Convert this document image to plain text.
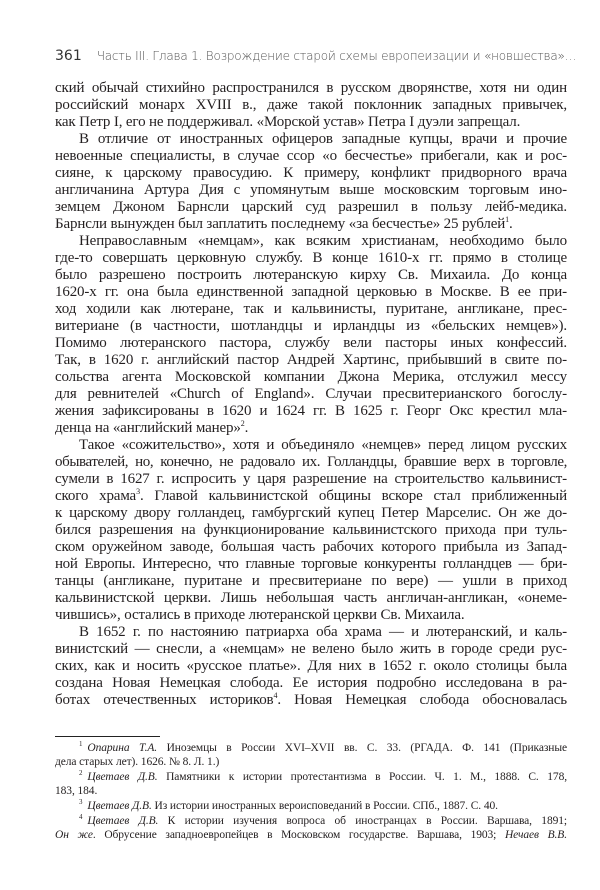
361 Часть III. Глава 1. Возрождение старой схемы европеизации и «новшества»…
ский обычай стихийно распространился в русском дворянстве, хотя ни один
российский монарх XVIII в., даже такой поклонник западных привычек,
как Петр I, его не поддерживал. «Морской устав» Петра I дуэли запрещал.
В отличие от иностранных офицеров западные купцы, врачи и прочие
невоенные специалисты, в случае ссор «о бесчестье» прибегали, как и рос-
сияне, к царскому правосудию. К примеру, конфликт придворного врача
англичанина Артура Дия с упомянутым выше московским торговым ино-
земцем Джоном Барнсли царский суд разрешил в пользу лейб-медика.
Барнсли вынужден был заплатить последнему «за бесчестье» 25 рублей$^1$.
Неправославным «немцам», как всяким христианам, необходимо было
где-то совершать церковную службу. В конце 1610-х гг. прямо в столице
было разрешено построить лютеранскую кирху Св. Михаила. До конца
1620-х гг. она была единственной западной церковью в Москве. В ее при-
ход ходили как лютеране, так и кальвинисты, пуритане, англикане, прес-
витериане (в частности, шотландцы и ирландцы из «бельских немцев»).
Помимо лютеранского пастора, службу вели пасторы иных конфессий.
Так, в 1620 г. английский пастор Андрей Хартинс, прибывший в свите по-
сольства агента Московской компании Джона Мерика, отслужил мессу
для ревнителей «Church of England». Случаи пресвитерианского богослу-
жения зафиксированы в 1620 и 1624 гг. В 1625 г. Георг Окс крестил мла-
денца на «английский манер»$^2$.
Такое «сожительство», хотя и объединяло «немцев» перед лицом русских
обывателей, но, конечно, не радовало их. Голландцы, бравшие верх в торговле,
сумели в 1627 г. испросить у царя разрешение на строительство кальвинист-
ского храма$^3$. Главой кальвинистской общины вскоре стал приближенный
к царскому двору голландец, гамбургский купец Петер Марселис. Он же до-
бился разрешения на функционирование кальвинистского прихода при туль-
ском оружейном заводе, большая часть рабочих которого прибыла из Запад-
ной Европы. Интересно, что главные торговые конкуренты голландцев — бри-
танцы (англикане, пуритане и пресвитериане по вере) — ушли в приход
кальвинистской церкви. Лишь небольшая часть англичан-англикан, «онеме-
чившись», остались в приходе лютеранской церкви Св. Михаила.
В 1652 г. по настоянию патриарха оба храма — и лютеранский, и каль-
винистский — снесли, а «немцам» не велено было жить в городе среди рус-
ских, как и носить «русское платье». Для них в 1652 г. около столицы была
создана Новая Немецкая слобода. Ее история подробно исследована в ра-
ботах отечественных историков$^4$. Новая Немецкая слобода обосновалась
$^1$ Опарина Т.А. Иноземцы в России XVI–XVII вв. С. 33. (РГАДА. Ф. 141 (Приказные
дела старых лет). 1626. № 8. Л. 1.)
$^2$ Цветаев Д.В. Памятники к истории протестантизма в России. Ч. 1. М., 1888. С. 178,
183, 184.
$^3$ Цветаев Д.В. Из истории иностранных вероисповеданий в России. СПб., 1887. С. 40.
$^4$ Цветаев Д.В. К истории изучения вопроса об иностранцах в России. Варшава, 1891;
Он же. Обрусение западноевропейцев в Московском государстве. Варшава, 1903; Нечаев В.В.
